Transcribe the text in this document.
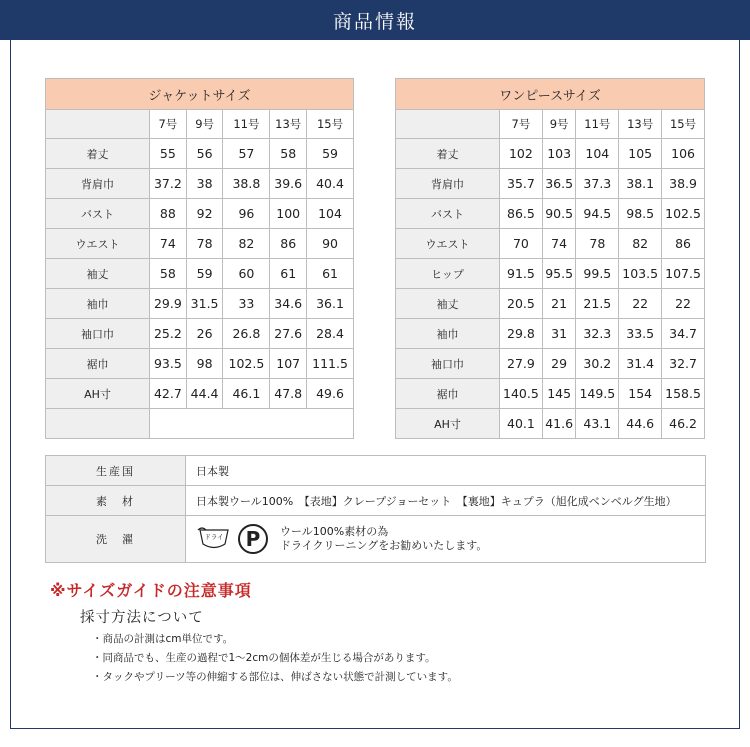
商品情報
ジャケットサイズ					
	7号	9号	11号	13号	15号
着丈	55	56	57	58	59
背肩巾	37.2	38	38.8	39.6	40.4
バスト	88	92	96	100	104
ウエスト	74	78	82	86	90
袖丈	58	59	60	61	61
袖巾	29.9	31.5	33	34.6	36.1
袖口巾	25.2	26	26.8	27.6	28.4
裾巾	93.5	98	102.5	107	111.5
AH寸	42.7	44.4	46.1	47.8	49.6

ワンピースサイズ					
	7号	9号	11号	13号	15号
着丈	102	103	104	105	106
背肩巾	35.7	36.5	37.3	38.1	38.9
バスト	86.5	90.5	94.5	98.5	102.5
ウエスト	70	74	78	82	86
ヒップ	91.5	95.5	99.5	103.5	107.5
袖丈	20.5	21	21.5	22	22
袖巾	29.8	31	32.3	33.5	34.7
袖口巾	27.9	29	30.2	31.4	32.7
裾巾	140.5	145	149.5	154	158.5
AH寸	40.1	41.6	43.1	44.6	46.2
生産国	日本製
素　材	日本製ウール100%　【表地】クレープジョーセット　【裏地】キュプラ（旭化成ベンベルグ生地）
洗　濯	ドライ P ウール100%素材の為
ドライクリーニングをお勧めいたします。
※サイズガイドの注意事項
採寸方法について
・商品の計測はcm単位です。
・同商品でも、生産の過程で1～2cmの個体差が生じる場合があります。
・タックやプリーツ等の伸縮する部位は、伸ばさない状態で計測しています。
